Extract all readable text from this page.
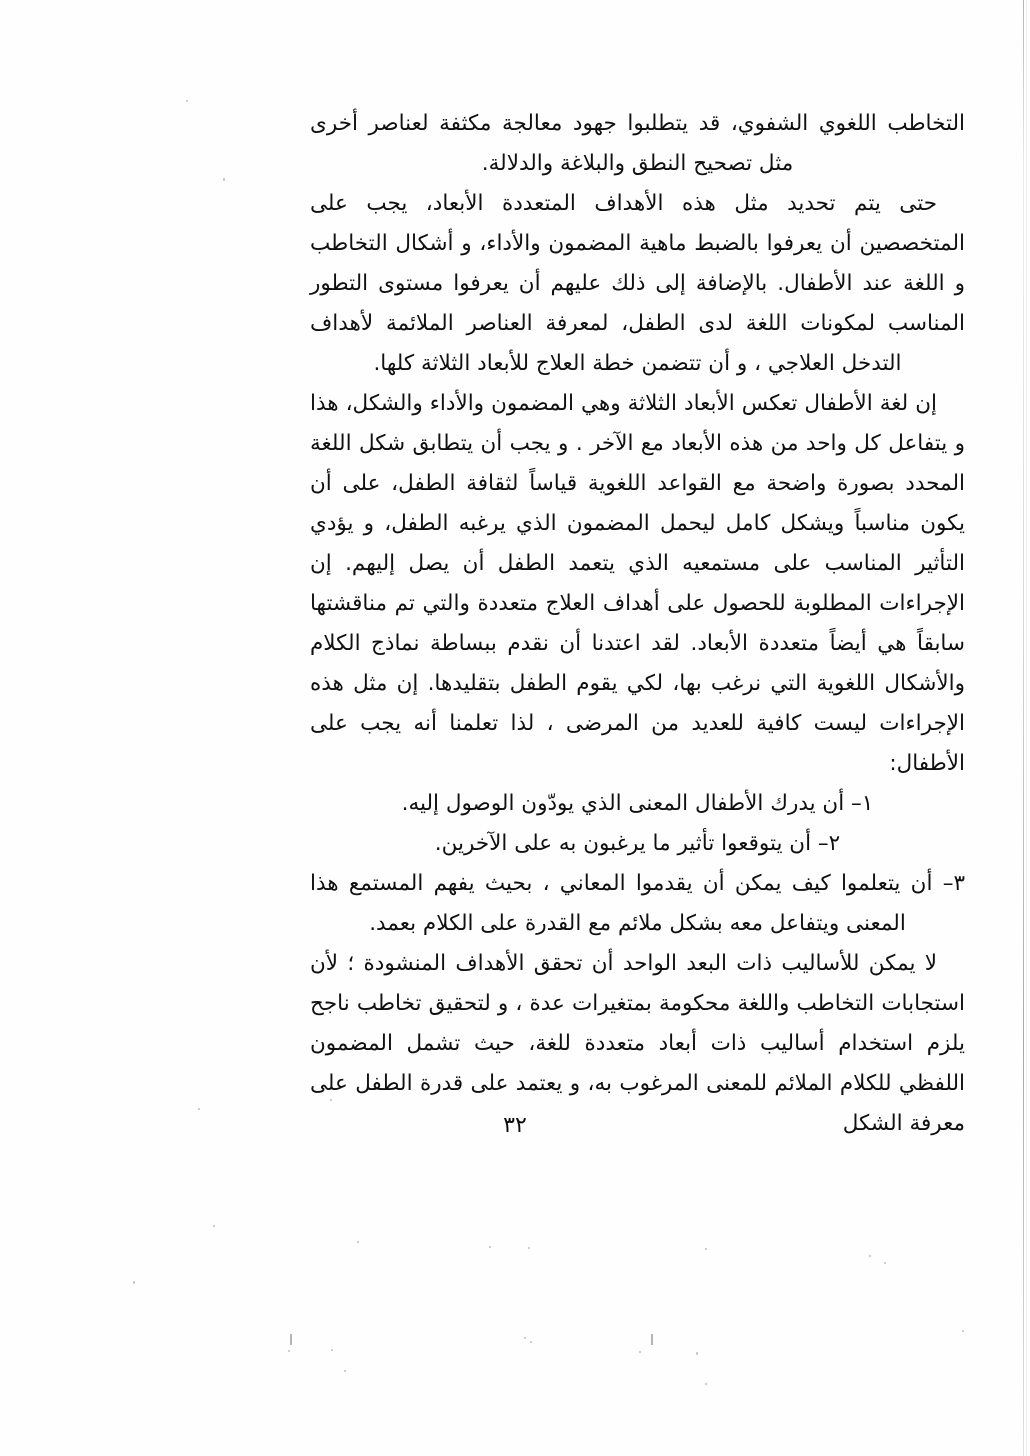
التخاطب اللغوي الشفوي، قد يتطلبوا جهود معالجة مكثفة لعناصر أخرى مثل تصحيح النطق والبلاغة والدلالة.

حتى يتم تحديد مثل هذه الأهداف المتعددة الأبعاد، يجب على المتخصصين أن يعرفوا بالضبط ماهية المضمون والأداء، و أشكال التخاطب و اللغة عند الأطفال. بالإضافة إلى ذلك عليهم أن يعرفوا مستوى التطور المناسب لمكونات اللغة لدى الطفل، لمعرفة العناصر الملائمة لأهداف التدخل العلاجي ، و أن تتضمن خطة العلاج للأبعاد الثلاثة كلها.

إن لغة الأطفال تعكس الأبعاد الثلاثة وهي المضمون والأداء والشكل، هذا و يتفاعل كل واحد من هذه الأبعاد مع الآخر . و يجب أن يتطابق شكل اللغة المحدد بصورة واضحة مع القواعد اللغوية قياساً لثقافة الطفل، على أن يكون مناسباً ويشكل كامل ليحمل المضمون الذي يرغبه الطفل، و يؤدي التأثير المناسب على مستمعيه الذي يتعمد الطفل أن يصل إليهم. إن الإجراءات المطلوبة للحصول على أهداف العلاج متعددة والتي تم مناقشتها سابقاً هي أيضاً متعددة الأبعاد. لقد اعتدنا أن نقدم ببساطة نماذج الكلام والأشكال اللغوية التي نرغب بها، لكي يقوم الطفل بتقليدها. إن مثل هذه الإجراءات ليست كافية للعديد من المرضى ، لذا تعلمنا أنه يجب على الأطفال:

١– أن يدرك الأطفال المعنى الذي يودّون الوصول إليه.
٢– أن يتوقعوا تأثير ما يرغبون به على الآخرين.
٣– أن يتعلموا كيف يمكن أن يقدموا المعاني ، بحيث يفهم المستمع هذا المعنى ويتفاعل معه بشكل ملائم مع القدرة على الكلام بعمد.

لا يمكن للأساليب ذات البعد الواحد أن تحقق الأهداف المنشودة ؛ لأن استجابات التخاطب واللغة محكومة بمتغيرات عدة ، و لتحقيق تخاطب ناجح يلزم استخدام أساليب ذات أبعاد متعددة للغة، حيث تشمل المضمون اللفظي للكلام الملائم للمعنى المرغوب به، و يعتمد على قدرة الطفل على معرفة الشكل

٣٢
